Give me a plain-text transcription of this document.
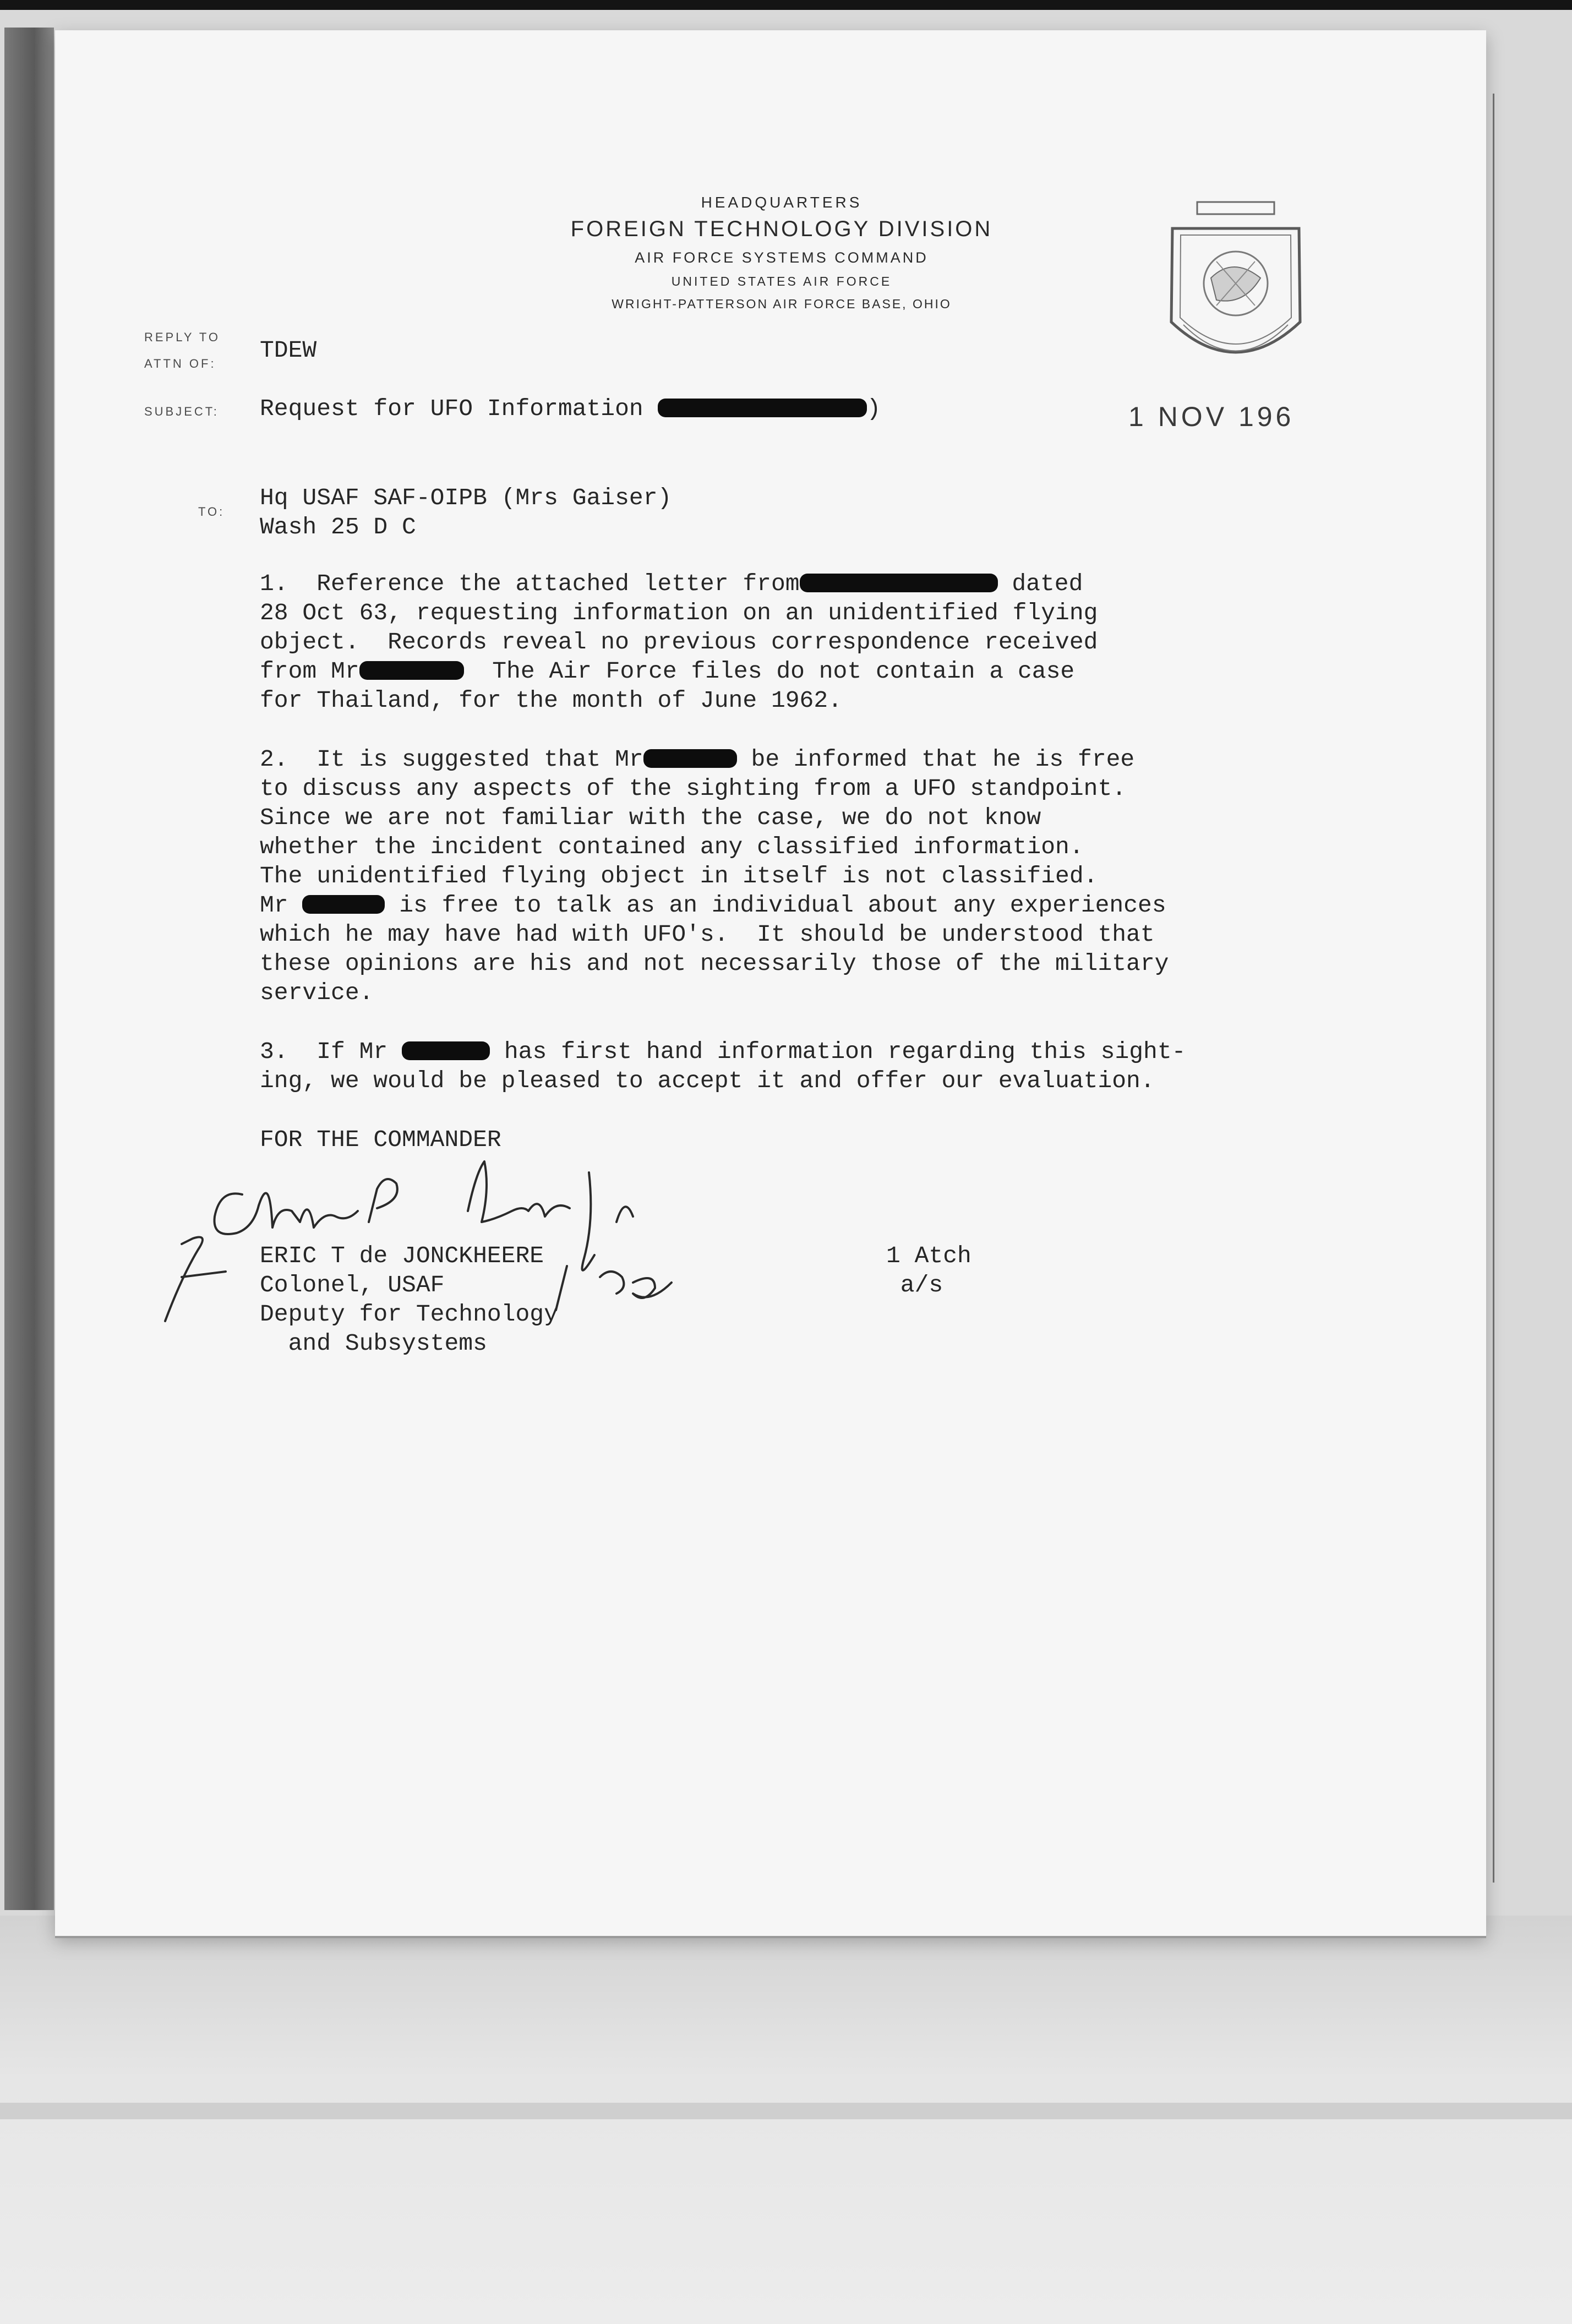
HEADQUARTERS
FOREIGN TECHNOLOGY DIVISION
AIR FORCE SYSTEMS COMMAND
UNITED STATES AIR FORCE
WRIGHT-PATTERSON AIR FORCE BASE, OHIO
REPLY TO
ATTN OF: TDEW
SUBJECT: Request for UFO Information	)	1 NOV 196
TO:
Hq USAF SAF-OIPB (Mrs Gaiser)
Wash 25 D C
1.  Reference the attached letter from	dated
28 Oct 63, requesting information on an unidentified flying
object.  Records reveal no previous correspondence received
from Mr	The Air Force files do not contain a case
for Thailand, for the month of June 1962.
2.  It is suggested that Mr	be informed that he is free
to discuss any aspects of the sighting from a UFO standpoint.
Since we are not familiar with the case, we do not know
whether the incident contained any classified information.
The unidentified flying object in itself is not classified.
Mr	is free to talk as an individual about any experiences
which he may have had with UFO's.  It should be understood that
these opinions are his and not necessarily those of the military
service.
3.  If Mr	has first hand information regarding this sight-
ing, we would be pleased to accept it and offer our evaluation.
FOR THE COMMANDER
ERIC T de JONCKHEERE
Colonel, USAF
Deputy for Technology
and Subsystems
1 Atch
a/s
